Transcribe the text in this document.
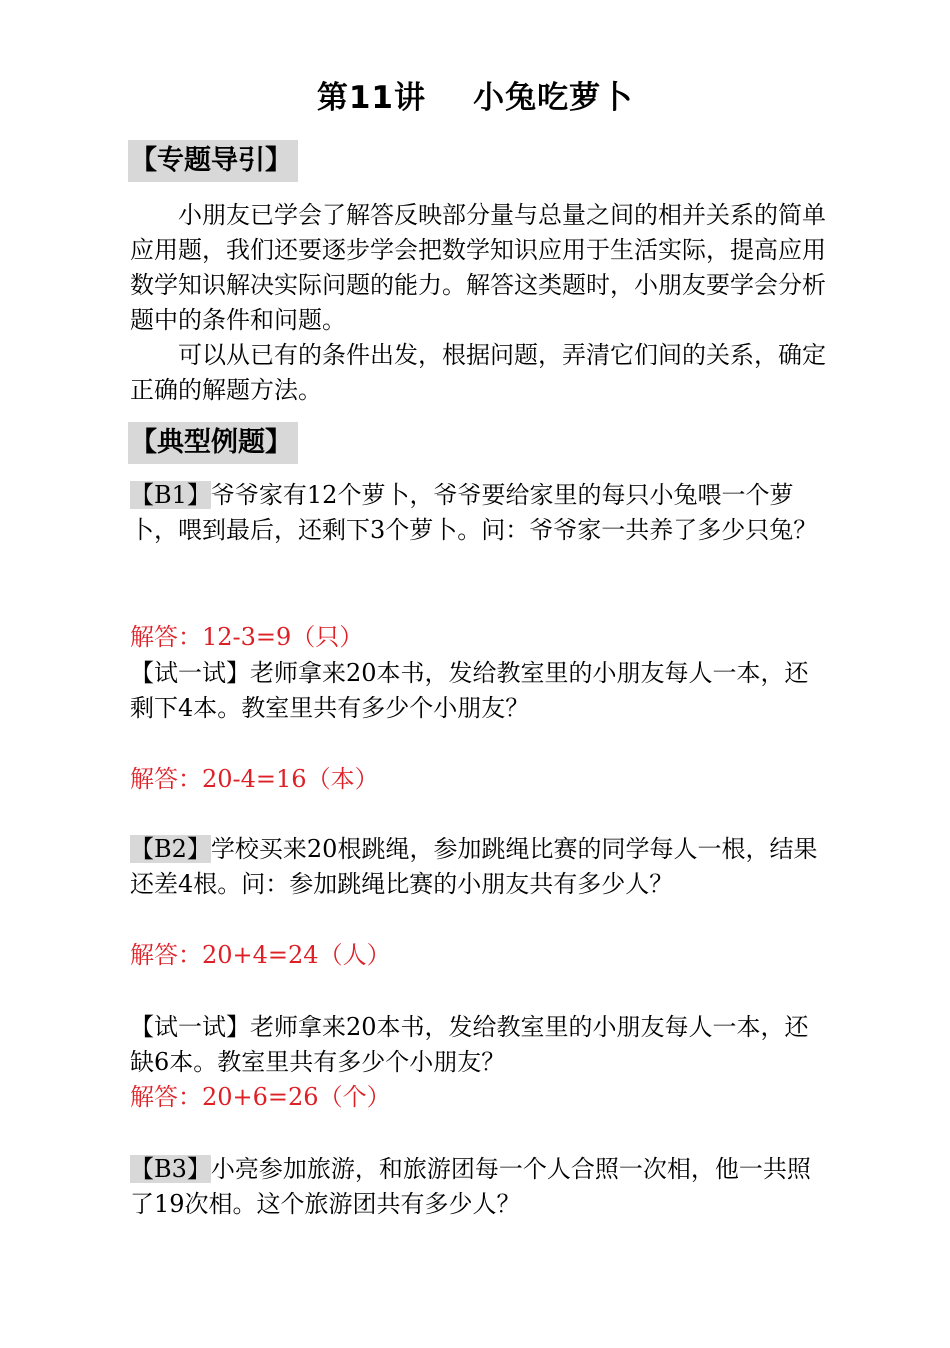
第11讲    小兔吃萝卜
【专题导引】
小朋友已学会了解答反映部分量与总量之间的相并关系的简单应用题，我们还要逐步学会把数学知识应用于生活实际，提高应用数学知识解决实际问题的能力。解答这类题时，小朋友要学会分析题中的条件和问题。
可以从已有的条件出发，根据问题，弄清它们间的关系，确定正确的解题方法。
【典型例题】
【B1】爷爷家有12个萝卜，爷爷要给家里的每只小兔喂一个萝卜，喂到最后，还剩下3个萝卜。问：爷爷家一共养了多少只兔？
解答：12-3=9（只）
【试一试】老师拿来20本书，发给教室里的小朋友每人一本，还剩下4本。教室里共有多少个小朋友？
解答：20-4=16（本）
【B2】学校买来20根跳绳，参加跳绳比赛的同学每人一根，结果还差4根。问：参加跳绳比赛的小朋友共有多少人？
解答：20+4=24（人）
【试一试】老师拿来20本书，发给教室里的小朋友每人一本，还缺6本。教室里共有多少个小朋友？
解答：20+6=26（个）
【B3】小亮参加旅游，和旅游团每一个人合照一次相，他一共照了19次相。这个旅游团共有多少人？
